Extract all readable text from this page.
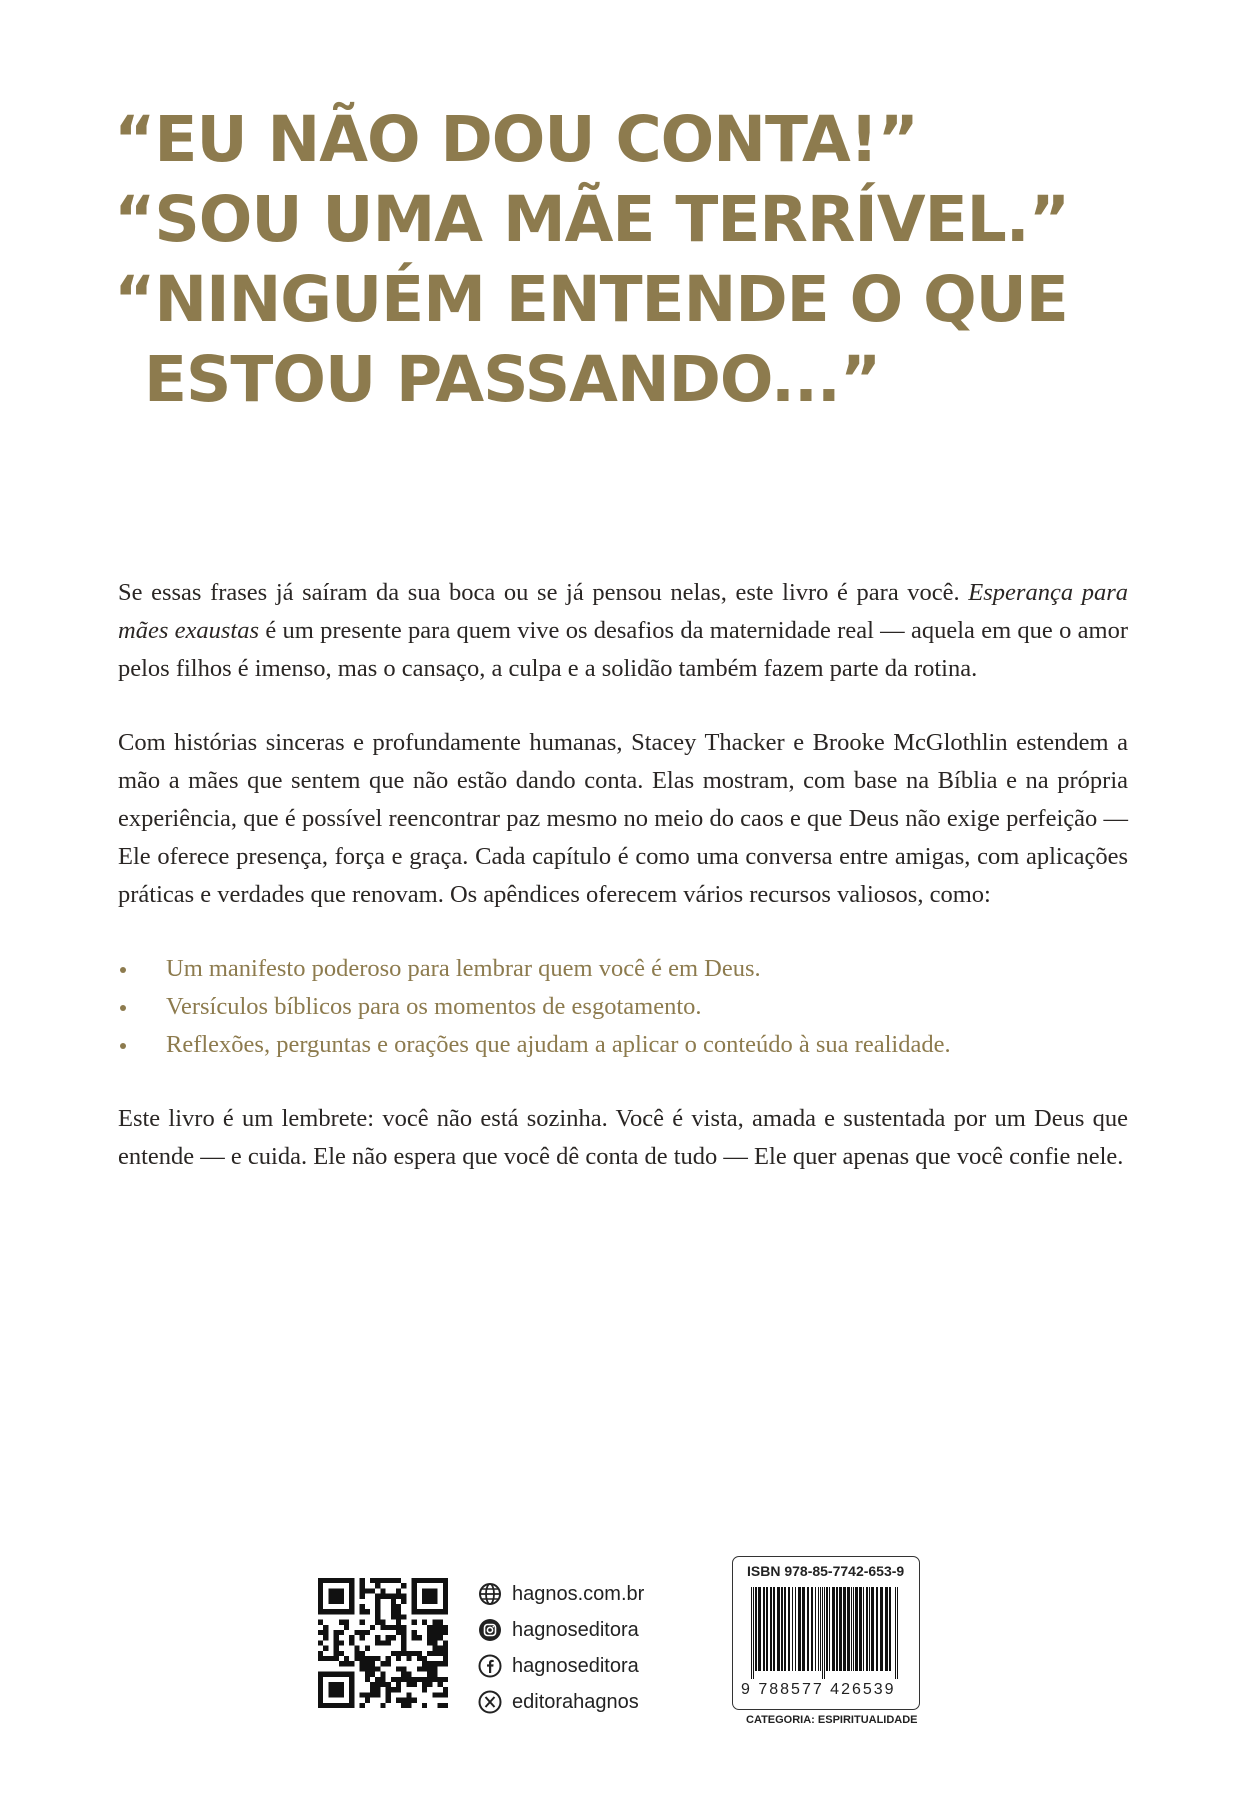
“EU NÃO DOU CONTA!”
“SOU UMA MÃE TERRÍVEL.”
“NINGUÉM ENTENDE O QUE
ESTOU PASSANDO...”

Se essas frases já saíram da sua boca ou se já pensou nelas, este livro é para você. Esperança para mães exaustas é um presente para quem vive os desafios da maternidade real — aquela em que o amor pelos filhos é imenso, mas o cansaço, a culpa e a solidão também fazem parte da rotina.

Com histórias sinceras e profundamente humanas, Stacey Thacker e Brooke McGlothlin estendem a mão a mães que sentem que não estão dando conta. Elas mostram, com base na Bíblia e na própria experiência, que é possível reencontrar paz mesmo no meio do caos e que Deus não exige perfeição — Ele oferece presença, força e graça. Cada capítulo é como uma conversa entre amigas, com aplicações práticas e verdades que renovam. Os apêndices oferecem vários recursos valiosos, como:

Um manifesto poderoso para lembrar quem você é em Deus.
Versículos bíblicos para os momentos de esgotamento.
Reflexões, perguntas e orações que ajudam a aplicar o conteúdo à sua realidade.

Este livro é um lembrete: você não está sozinha. Você é vista, amada e sustentada por um Deus que entende — e cuida. Ele não espera que você dê conta de tudo — Ele quer apenas que você confie nele.

hagnos.com.br
hagnoseditora
hagnoseditora
editorahagnos
ISBN 978-85-7742-653-9
9 788577 426539
CATEGORIA: ESPIRITUALIDADE
